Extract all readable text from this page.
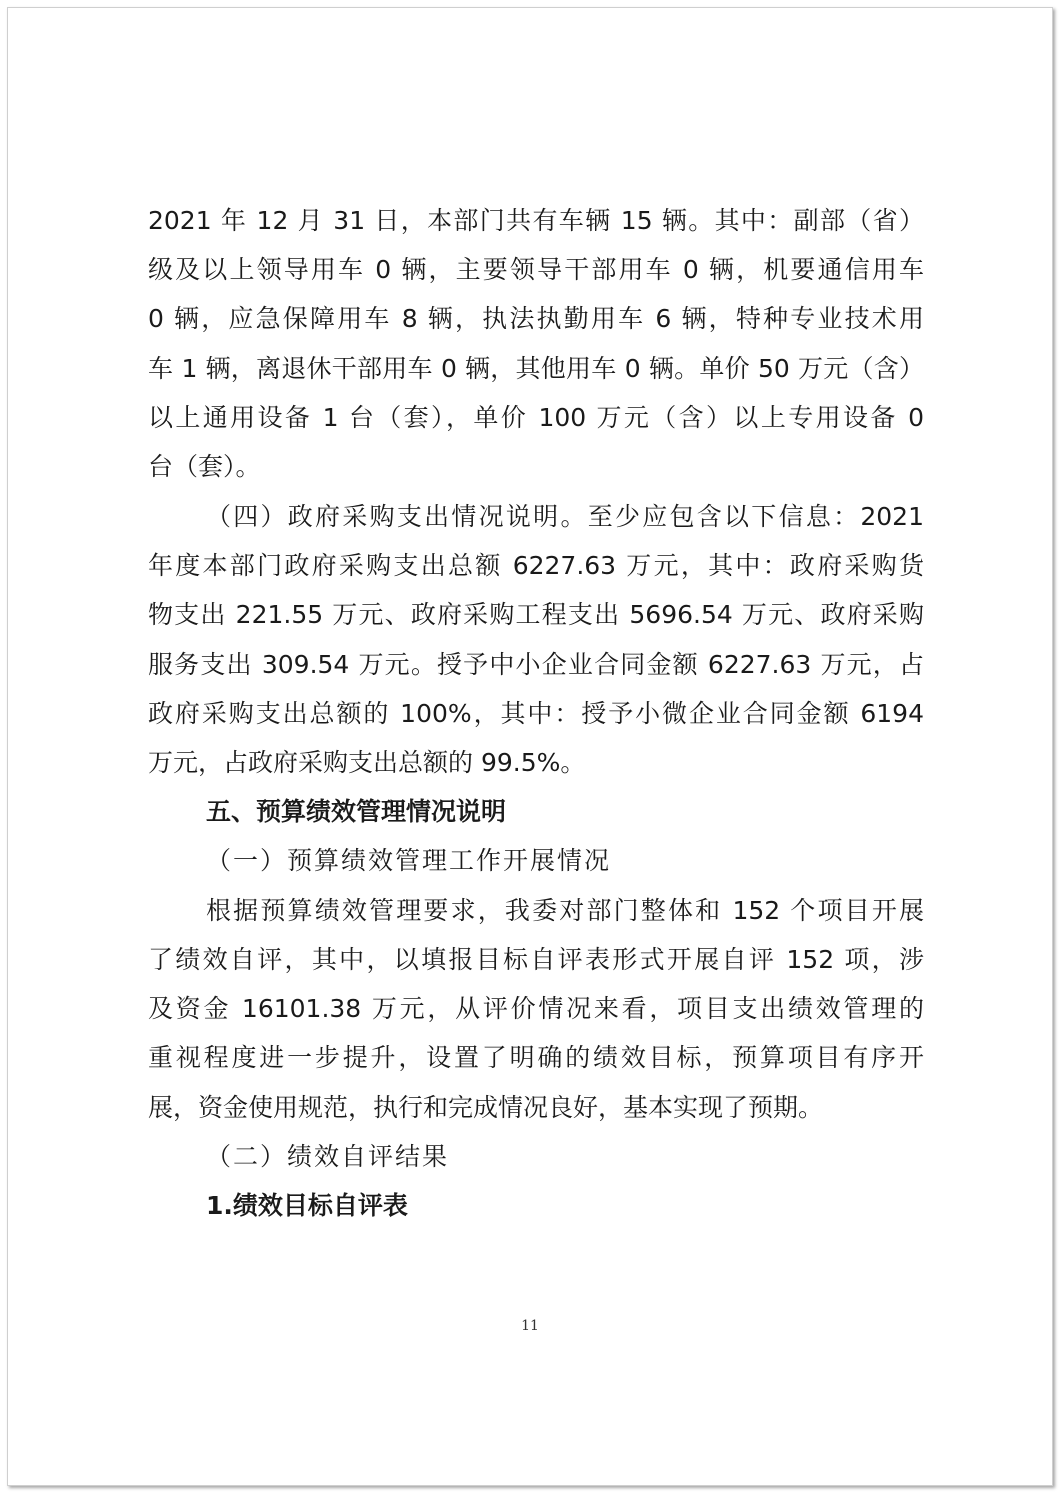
2021 年 12 月 31 日，本部门共有车辆 15 辆。其中：副部（省）
级及以上领导用车 0 辆，主要领导干部用车 0 辆，机要通信用车
0 辆，应急保障用车 8 辆，执法执勤用车 6 辆，特种专业技术用
车 1 辆，离退休干部用车 0 辆，其他用车 0 辆。单价 50 万元（含）
以上通用设备 1 台（套），单价 100 万元（含）以上专用设备 0
台（套）。
（四）政府采购支出情况说明。至少应包含以下信息：2021
年度本部门政府采购支出总额 6227.63 万元，其中：政府采购货
物支出 221.55 万元、政府采购工程支出 5696.54 万元、政府采购
服务支出 309.54 万元。授予中小企业合同金额 6227.63 万元，占
政府采购支出总额的 100%，其中：授予小微企业合同金额 6194
万元，占政府采购支出总额的 99.5%。
五、预算绩效管理情况说明
（一）预算绩效管理工作开展情况
根据预算绩效管理要求，我委对部门整体和 152 个项目开展
了绩效自评，其中，以填报目标自评表形式开展自评 152 项，涉
及资金 16101.38 万元，从评价情况来看，项目支出绩效管理的
重视程度进一步提升，设置了明确的绩效目标，预算项目有序开
展，资金使用规范，执行和完成情况良好，基本实现了预期。
（二）绩效自评结果
1.绩效目标自评表
11
